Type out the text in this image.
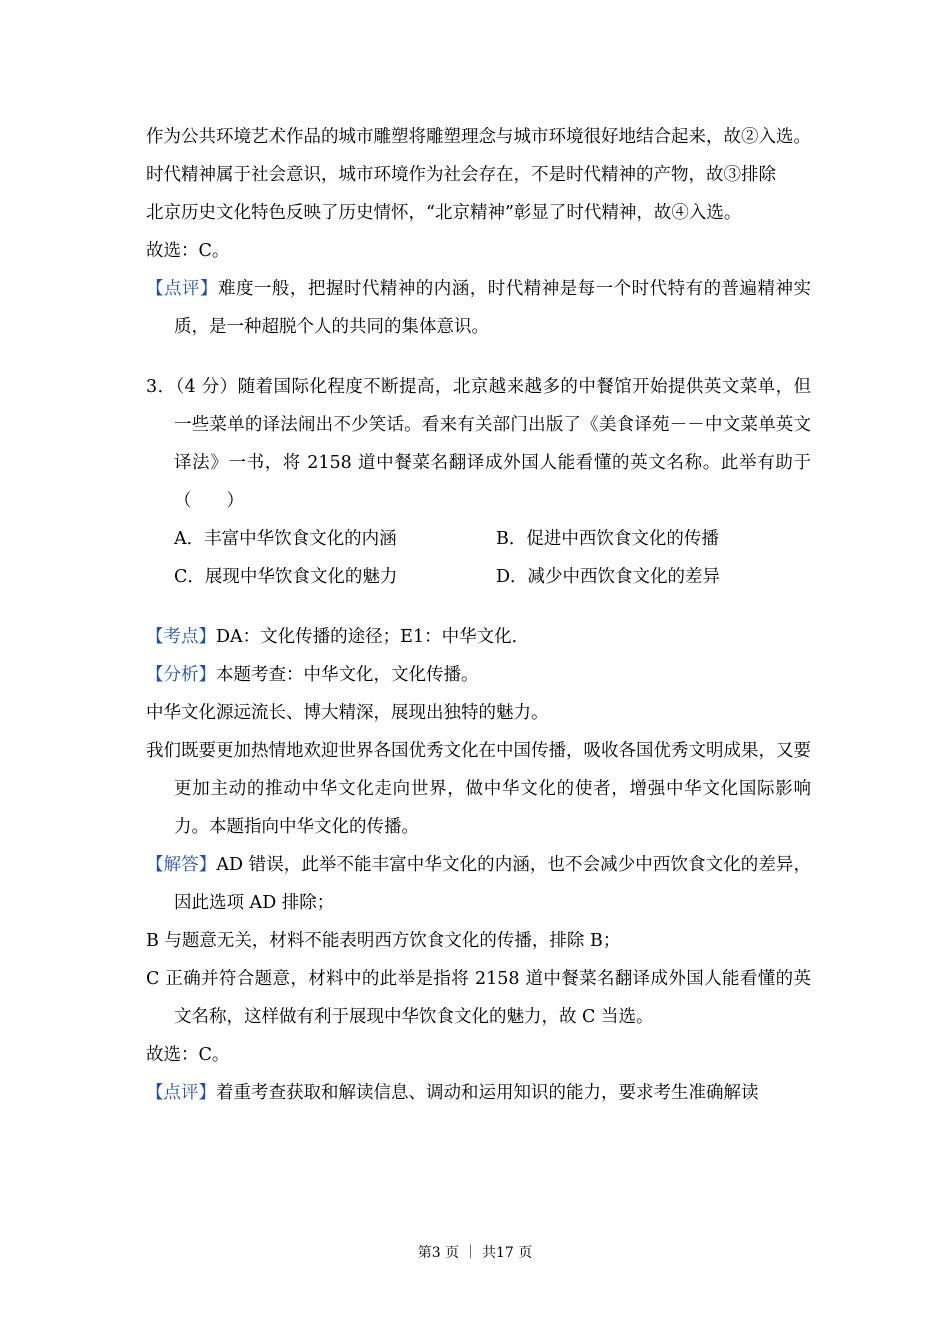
作为公共环境艺术作品的城市雕塑将雕塑理念与城市环境很好地结合起来，故②入选。

时代精神属于社会意识，城市环境作为社会存在，不是时代精神的产物，故③排除

北京历史文化特色反映了历史情怀，“北京精神”彰显了时代精神，故④入选。

故选：C。

【点评】难度一般，把握时代精神的内涵，时代精神是每一个时代特有的普遍精神实质，是一种超脱个人的共同的集体意识。

3．（4 分）随着国际化程度不断提高，北京越来越多的中餐馆开始提供英文菜单，但一些菜单的译法闹出不少笑话。看来有关部门出版了《美食译苑－－中文菜单英文译法》一书，将 2158 道中餐菜名翻译成外国人能看懂的英文名称。此举有助于（　　）

A．丰富中华饮食文化的内涵	B．促进中西饮食文化的传播
C．展现中华饮食文化的魅力	D．减少中西饮食文化的差异

【考点】DA：文化传播的途径；E1：中华文化．

【分析】本题考查：中华文化，文化传播。

中华文化源远流长、博大精深，展现出独特的魅力。

我们既要更加热情地欢迎世界各国优秀文化在中国传播，吸收各国优秀文明成果，又要更加主动的推动中华文化走向世界，做中华文化的使者，增强中华文化国际影响力。本题指向中华文化的传播。

【解答】AD 错误，此举不能丰富中华文化的内涵，也不会减少中西饮食文化的差异，因此选项 AD 排除；

B 与题意无关，材料不能表明西方饮食文化的传播，排除 B；

C 正确并符合题意，材料中的此举是指将 2158 道中餐菜名翻译成外国人能看懂的英文名称，这样做有利于展现中华饮食文化的魅力，故 C 当选。

故选：C。

【点评】着重考查获取和解读信息、调动和运用知识的能力，要求考生准确解读

第3 页 ｜ 共17 页
